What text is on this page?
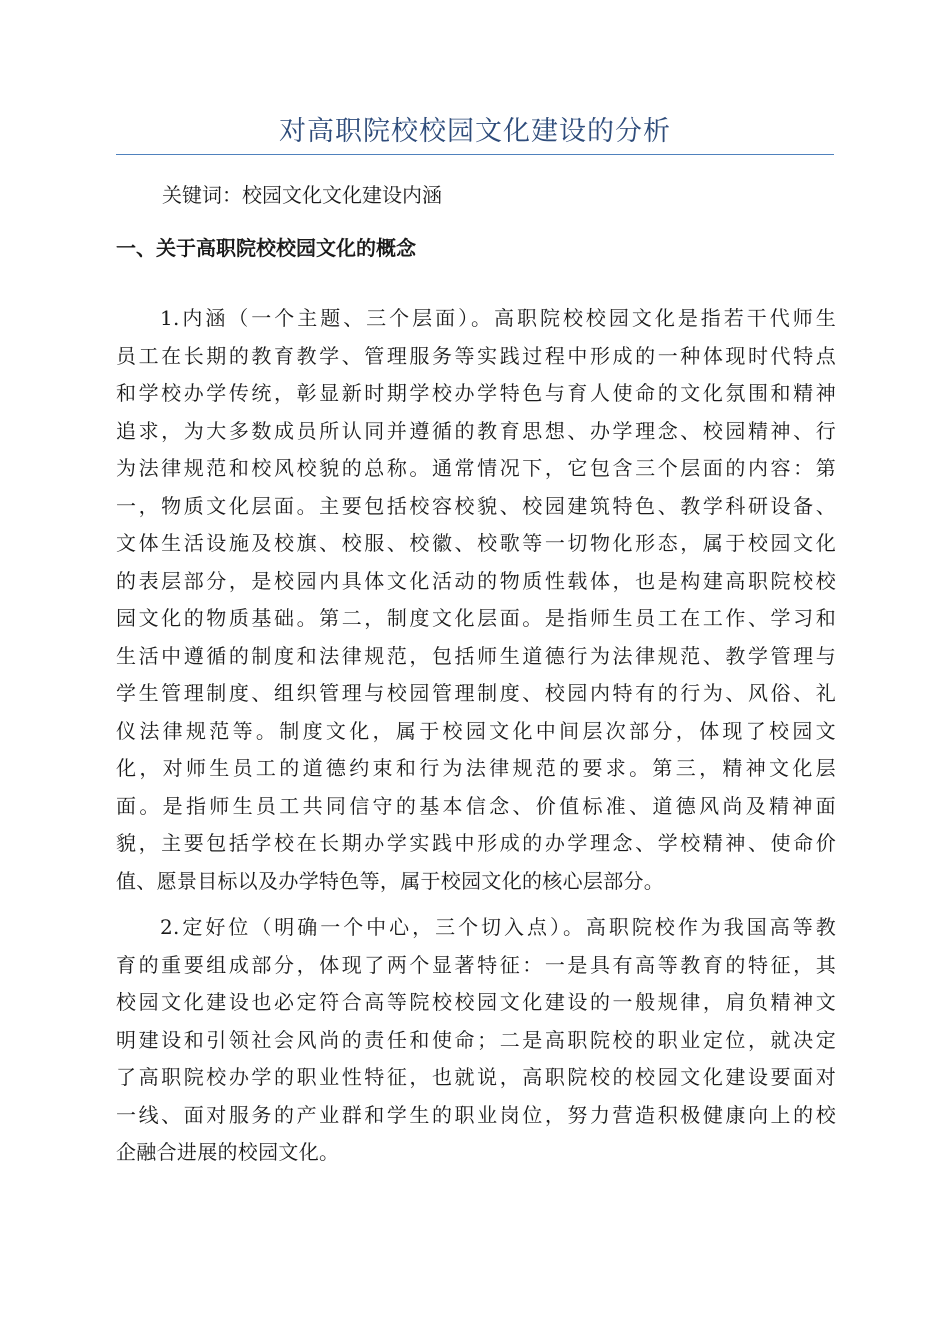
对高职院校校园文化建设的分析
关键词：校园文化文化建设内涵
一、关于高职院校校园文化的概念
1.内涵（一个主题、三个层面）。高职院校校园文化是指若干代师生
员工在长期的教育教学、管理服务等实践过程中形成的一种体现时代特点
和学校办学传统，彰显新时期学校办学特色与育人使命的文化氛围和精神
追求，为大多数成员所认同并遵循的教育思想、办学理念、校园精神、行
为法律规范和校风校貌的总称。通常情况下，它包含三个层面的内容：第
一，物质文化层面。主要包括校容校貌、校园建筑特色、教学科研设备、
文体生活设施及校旗、校服、校徽、校歌等一切物化形态，属于校园文化
的表层部分，是校园内具体文化活动的物质性载体，也是构建高职院校校
园文化的物质基础。第二，制度文化层面。是指师生员工在工作、学习和
生活中遵循的制度和法律规范，包括师生道德行为法律规范、教学管理与
学生管理制度、组织管理与校园管理制度、校园内特有的行为、风俗、礼
仪法律规范等。制度文化，属于校园文化中间层次部分，体现了校园文
化，对师生员工的道德约束和行为法律规范的要求。第三，精神文化层
面。是指师生员工共同信守的基本信念、价值标准、道德风尚及精神面
貌，主要包括学校在长期办学实践中形成的办学理念、学校精神、使命价
值、愿景目标以及办学特色等，属于校园文化的核心层部分。
2.定好位（明确一个中心，三个切入点）。高职院校作为我国高等教
育的重要组成部分，体现了两个显著特征：一是具有高等教育的特征，其
校园文化建设也必定符合高等院校校园文化建设的一般规律，肩负精神文
明建设和引领社会风尚的责任和使命；二是高职院校的职业定位，就决定
了高职院校办学的职业性特征，也就说，高职院校的校园文化建设要面对
一线、面对服务的产业群和学生的职业岗位，努力营造积极健康向上的校
企融合进展的校园文化。
